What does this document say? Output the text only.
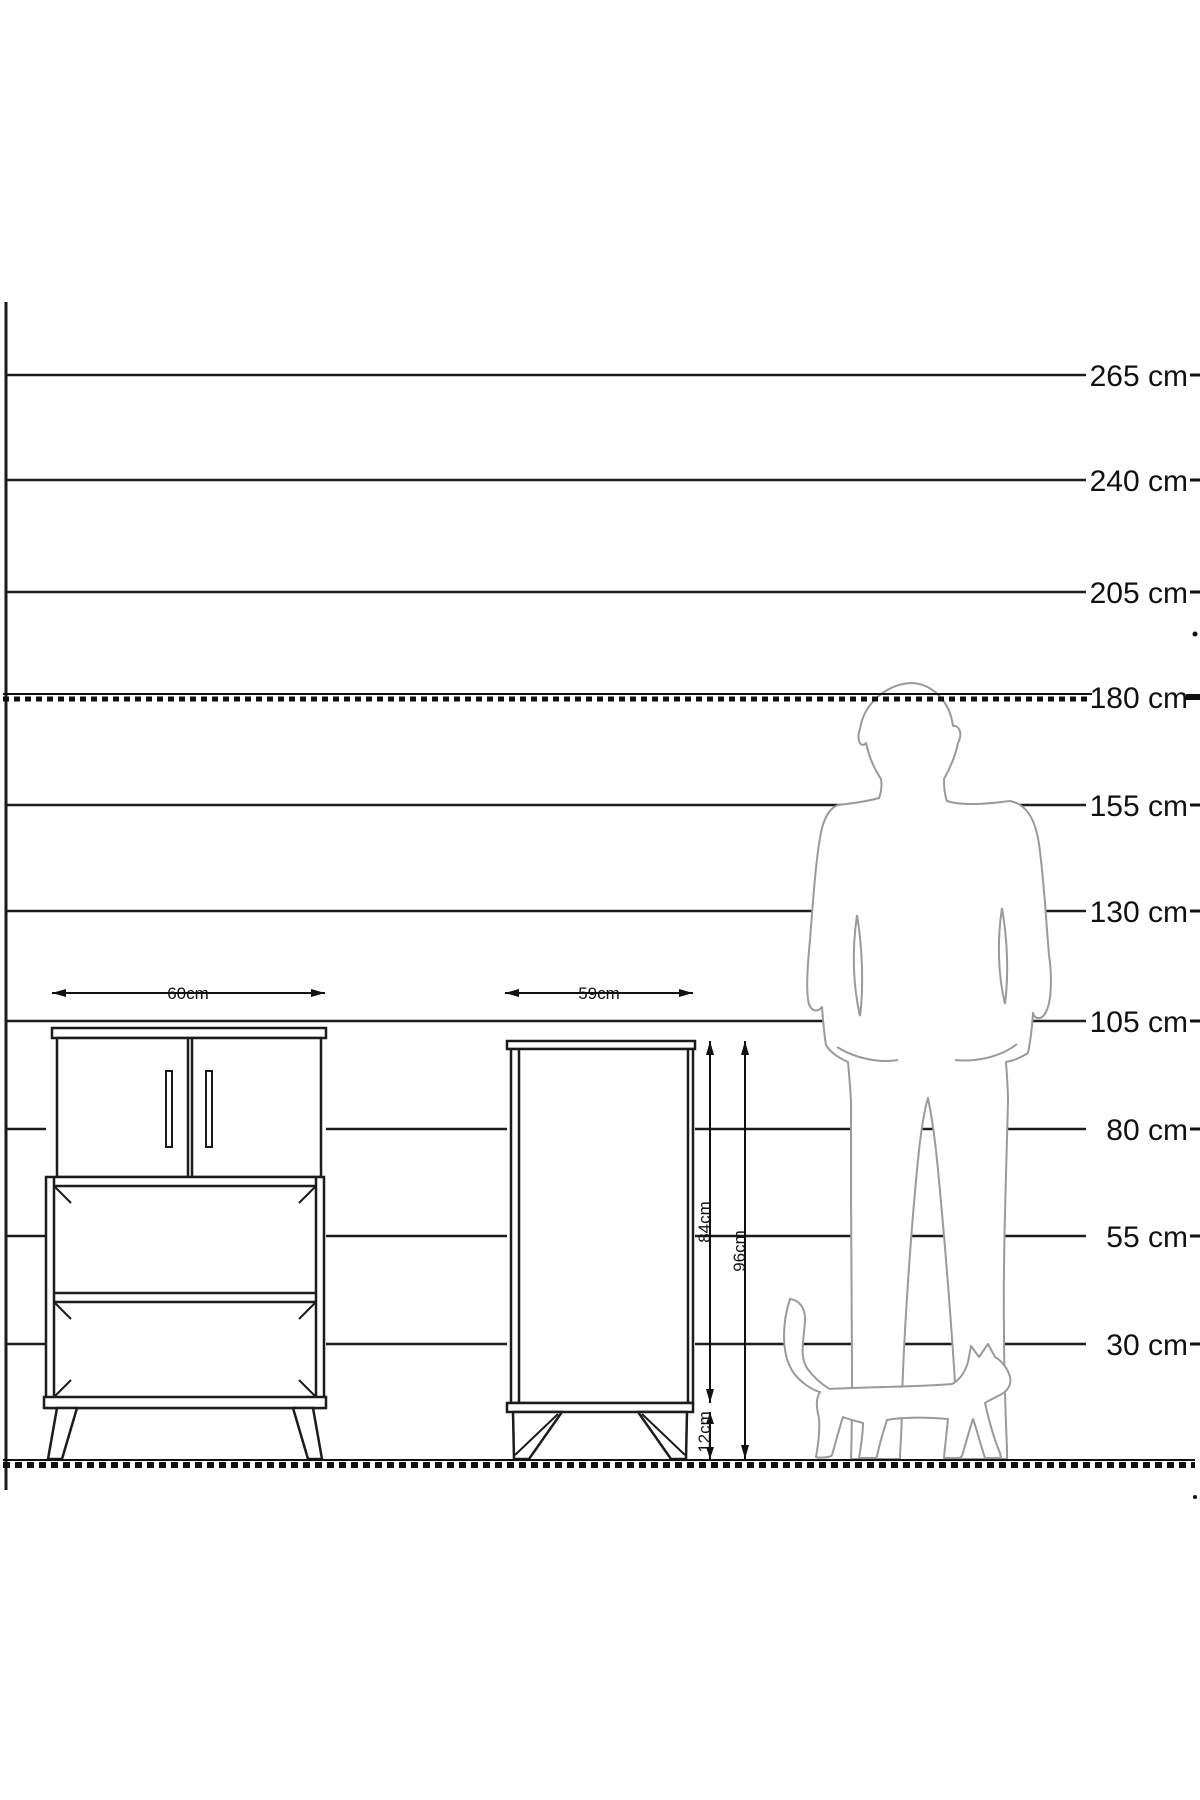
265 cm
240 cm
205 cm
180 cm
155 cm
130 cm
105 cm
80 cm
55 cm
30 cm
60cm	59cm
84cm
12cm
96cm
